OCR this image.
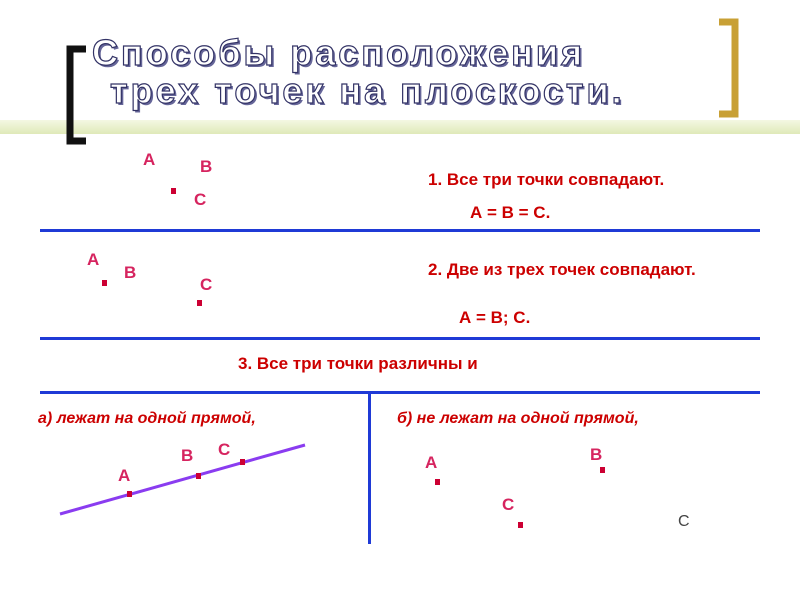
Способы расположения
трех точек на плоскости.
А	В
С
1. Все три точки совпадают.
А = В = С.
А
В
С
2. Две из трех точек совпадают.
А = В; С.
3. Все три точки различны и
а) лежат на одной прямой,
А
В С
б) не лежат на одной прямой,
А	В
С
С
